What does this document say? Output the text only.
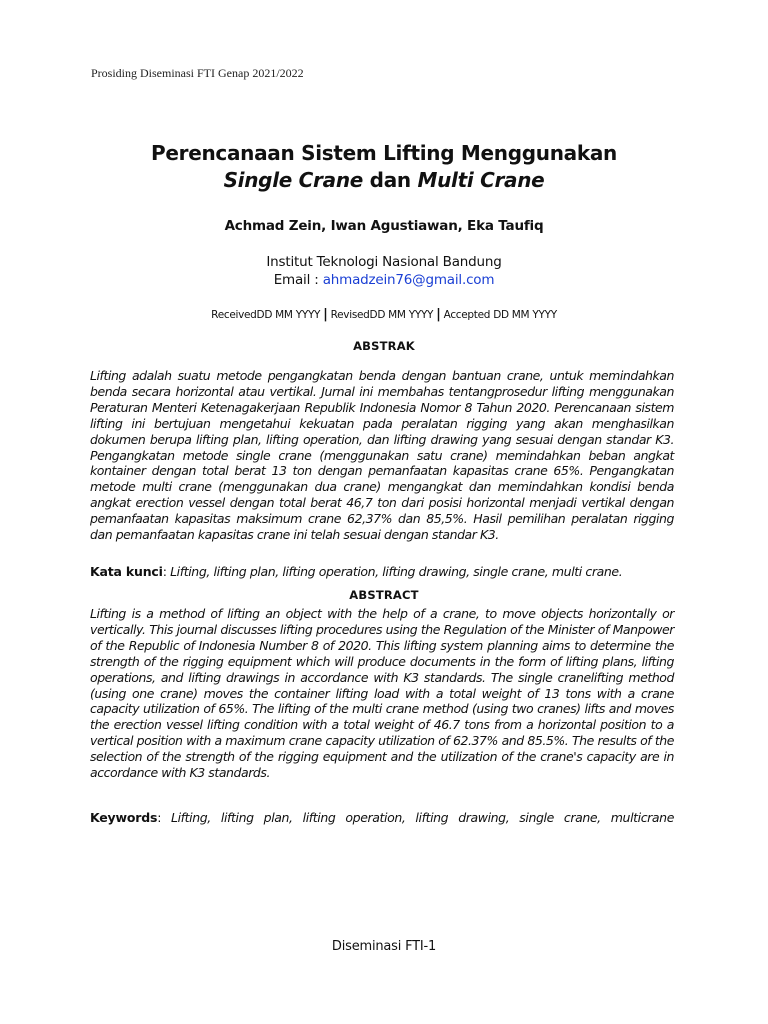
Prosiding Diseminasi FTI Genap 2021/2022
Perencanaan Sistem Lifting Menggunakan
Single Crane dan Multi Crane
Achmad Zein, Iwan Agustiawan, Eka Taufiq
Institut Teknologi Nasional Bandung
Email : ahmadzein76@gmail.com
ReceivedDD MM YYYY | RevisedDD MM YYYY | Accepted DD MM YYYY
ABSTRAK

Lifting adalah suatu metode pengangkatan benda dengan bantuan crane, untuk memindahkan benda secara horizontal atau vertikal. Jurnal ini membahas tentangprosedur lifting menggunakan Peraturan Menteri Ketenagakerjaan Republik Indonesia Nomor 8 Tahun 2020. Perencanaan sistem lifting ini bertujuan mengetahui kekuatan pada peralatan rigging yang akan menghasilkan dokumen berupa lifting plan, lifting operation, dan lifting drawing yang sesuai dengan standar K3. Pengangkatan metode single crane (menggunakan satu crane) memindahkan beban angkat kontainer dengan total berat 13 ton dengan pemanfaatan kapasitas crane 65%. Pengangkatan metode multi crane (menggunakan dua crane) mengangkat dan memindahkan kondisi benda angkat erection vessel dengan total berat 46,7 ton dari posisi horizontal menjadi vertikal dengan pemanfaatan kapasitas maksimum crane 62,37% dan 85,5%. Hasil pemilihan peralatan rigging dan pemanfaatan kapasitas crane ini telah sesuai dengan standar K3.

Kata kunci: Lifting, lifting plan, lifting operation, lifting drawing, single crane, multi crane.

ABSTRACT

Lifting is a method of lifting an object with the help of a crane, to move objects horizontally or vertically. This journal discusses lifting procedures using the Regulation of the Minister of Manpower of the Republic of Indonesia Number 8 of 2020. This lifting system planning aims to determine the strength of the rigging equipment which will produce documents in the form of lifting plans, lifting operations, and lifting drawings in accordance with K3 standards. The single cranelifting method (using one crane) moves the container lifting load with a total weight of 13 tons with a crane capacity utilization of 65%. The lifting of the multi crane method (using two cranes) lifts and moves the erection vessel lifting condition with a total weight of 46.7 tons from a horizontal position to a vertical position with a maximum crane capacity utilization of 62.37% and 85.5%. The results of the selection of the strength of the rigging equipment and the utilization of the crane's capacity are in accordance with K3 standards.

Keywords: Lifting, lifting plan, lifting operation, lifting drawing, single crane, multicrane

Diseminasi FTI-1
